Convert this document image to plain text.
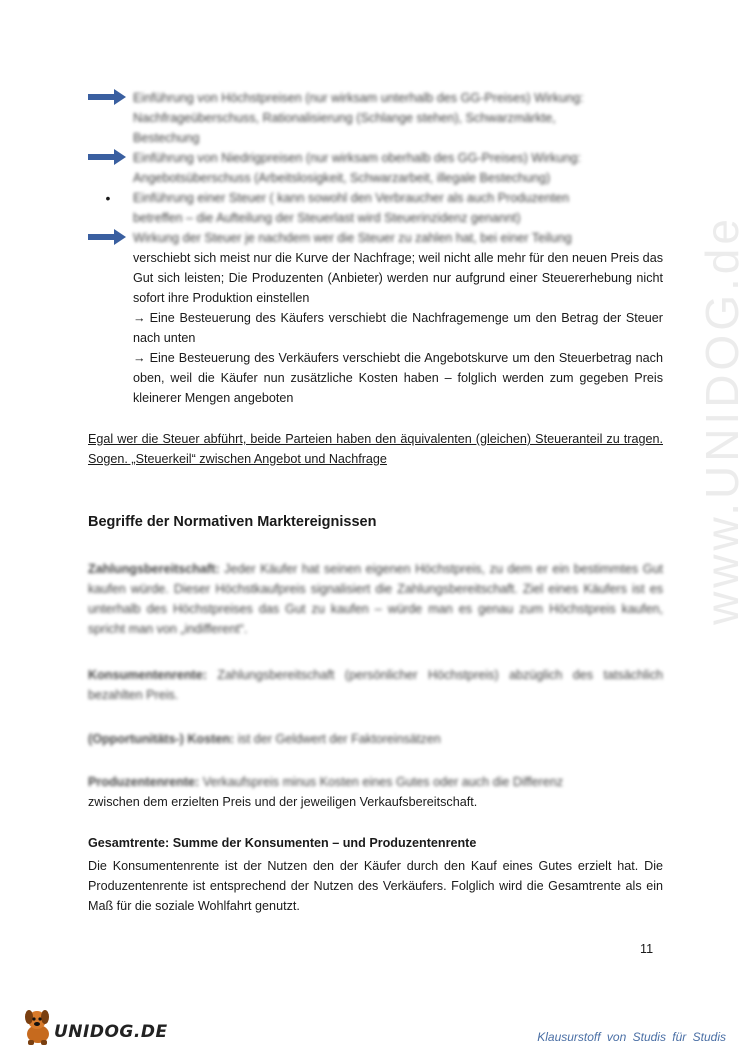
www.UNIDOG.de
Einführung von Höchstpreisen (nur wirksam unterhalb des GG-Preises) Wirkung:
Nachfrageüberschuss, Rationalisierung (Schlange stehen), Schwarzmärkte,
Bestechung
Einführung von Niedrigpreisen (nur wirksam oberhalb des GG-Preises) Wirkung:
Angebotsüberschuss (Arbeitslosigkeit, Schwarzarbeit, illegale Bestechung)
•	Einführung einer Steuer ( kann sowohl den Verbraucher als auch Produzenten
betreffen – die Aufteilung der Steuerlast wird Steuerinzidenz genannt)
Wirkung der Steuer je nachdem wer die Steuer zu zahlen hat, bei einer Teilung

verschiebt sich meist nur die Kurve der Nachfrage; weil nicht alle mehr für den neuen Preis das Gut sich leisten; Die Produzenten (Anbieter) werden nur aufgrund einer Steuererhebung nicht sofort ihre Produktion einstellen

→ Eine Besteuerung des Käufers verschiebt die Nachfragemenge um den Betrag der Steuer nach unten

→ Eine Besteuerung des Verkäufers verschiebt die Angebotskurve um den Steuerbetrag nach oben, weil die Käufer nun zusätzliche Kosten haben – folglich werden zum gegeben Preis kleinerer Mengen angeboten

Egal wer die Steuer abführt, beide Parteien haben den äquivalenten (gleichen) Steueranteil zu tragen. Sogen. „Steuerkeil“ zwischen Angebot und Nachfrage
Begriffe der Normativen Marktereignissen
Zahlungsbereitschaft: Jeder Käufer hat seinen eigenen Höchstpreis, zu dem er ein bestimmtes Gut kaufen würde. Dieser Höchstkaufpreis signalisiert die Zahlungsbereitschaft. Ziel eines Käufers ist es unterhalb des Höchstpreises das Gut zu kaufen – würde man es genau zum Höchstpreis kaufen, spricht man von „indifferent“.
Konsumentenrente: Zahlungsbereitschaft (persönlicher Höchstpreis) abzüglich des tatsächlich bezahlten Preis.
(Opportunitäts-) Kosten: ist der Geldwert der Faktoreinsätzen
Produzentenrente: Verkaufspreis minus Kosten eines Gutes oder auch die Differenz
zwischen dem erzielten Preis und der jeweiligen Verkaufsbereitschaft.
Gesamtrente: Summe der Konsumenten – und Produzentenrente
Die Konsumentenrente ist der Nutzen den der Käufer durch den Kauf eines Gutes erzielt hat. Die Produzentenrente ist entsprechend der Nutzen des Verkäufers. Folglich wird die Gesamtrente als ein Maß für die soziale Wohlfahrt genutzt.
11
UNIDOG.DE	Klausurstoff von Studis für Studis
